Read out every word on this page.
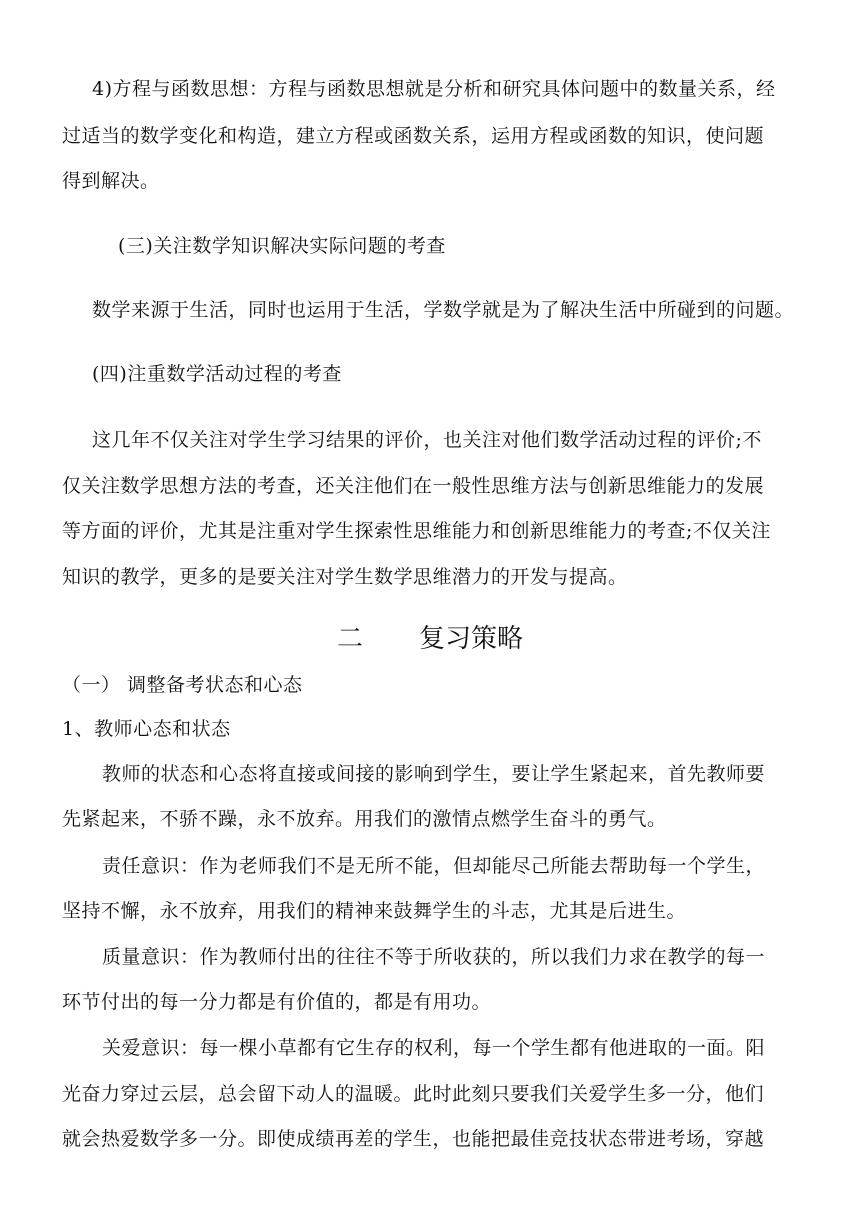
4)方程与函数思想：方程与函数思想就是分析和研究具体问题中的数量关系，经
过适当的数学变化和构造，建立方程或函数关系，运用方程或函数的知识，使问题
得到解决。
(三)关注数学知识解决实际问题的考查
数学来源于生活，同时也运用于生活，学数学就是为了解决生活中所碰到的问题。
(四)注重数学活动过程的考查
这几年不仅关注对学生学习结果的评价，也关注对他们数学活动过程的评价;不
仅关注数学思想方法的考查，还关注他们在一般性思维方法与创新思维能力的发展
等方面的评价，尤其是注重对学生探索性思维能力和创新思维能力的考查;不仅关注
知识的教学，更多的是要关注对学生数学思维潜力的开发与提高。
二 复习策略
（一） 调整备考状态和心态
1、教师心态和状态
教师的状态和心态将直接或间接的影响到学生，要让学生紧起来，首先教师要
先紧起来，不骄不躁，永不放弃。用我们的激情点燃学生奋斗的勇气。
责任意识：作为老师我们不是无所不能，但却能尽己所能去帮助每一个学生，
坚持不懈，永不放弃，用我们的精神来鼓舞学生的斗志，尤其是后进生。
质量意识：作为教师付出的往往不等于所收获的，所以我们力求在教学的每一
环节付出的每一分力都是有价值的，都是有用功。
关爱意识：每一棵小草都有它生存的权利，每一个学生都有他进取的一面。阳
光奋力穿过云层，总会留下动人的温暖。此时此刻只要我们关爱学生多一分，他们
就会热爱数学多一分。即使成绩再差的学生，也能把最佳竞技状态带进考场，穿越
